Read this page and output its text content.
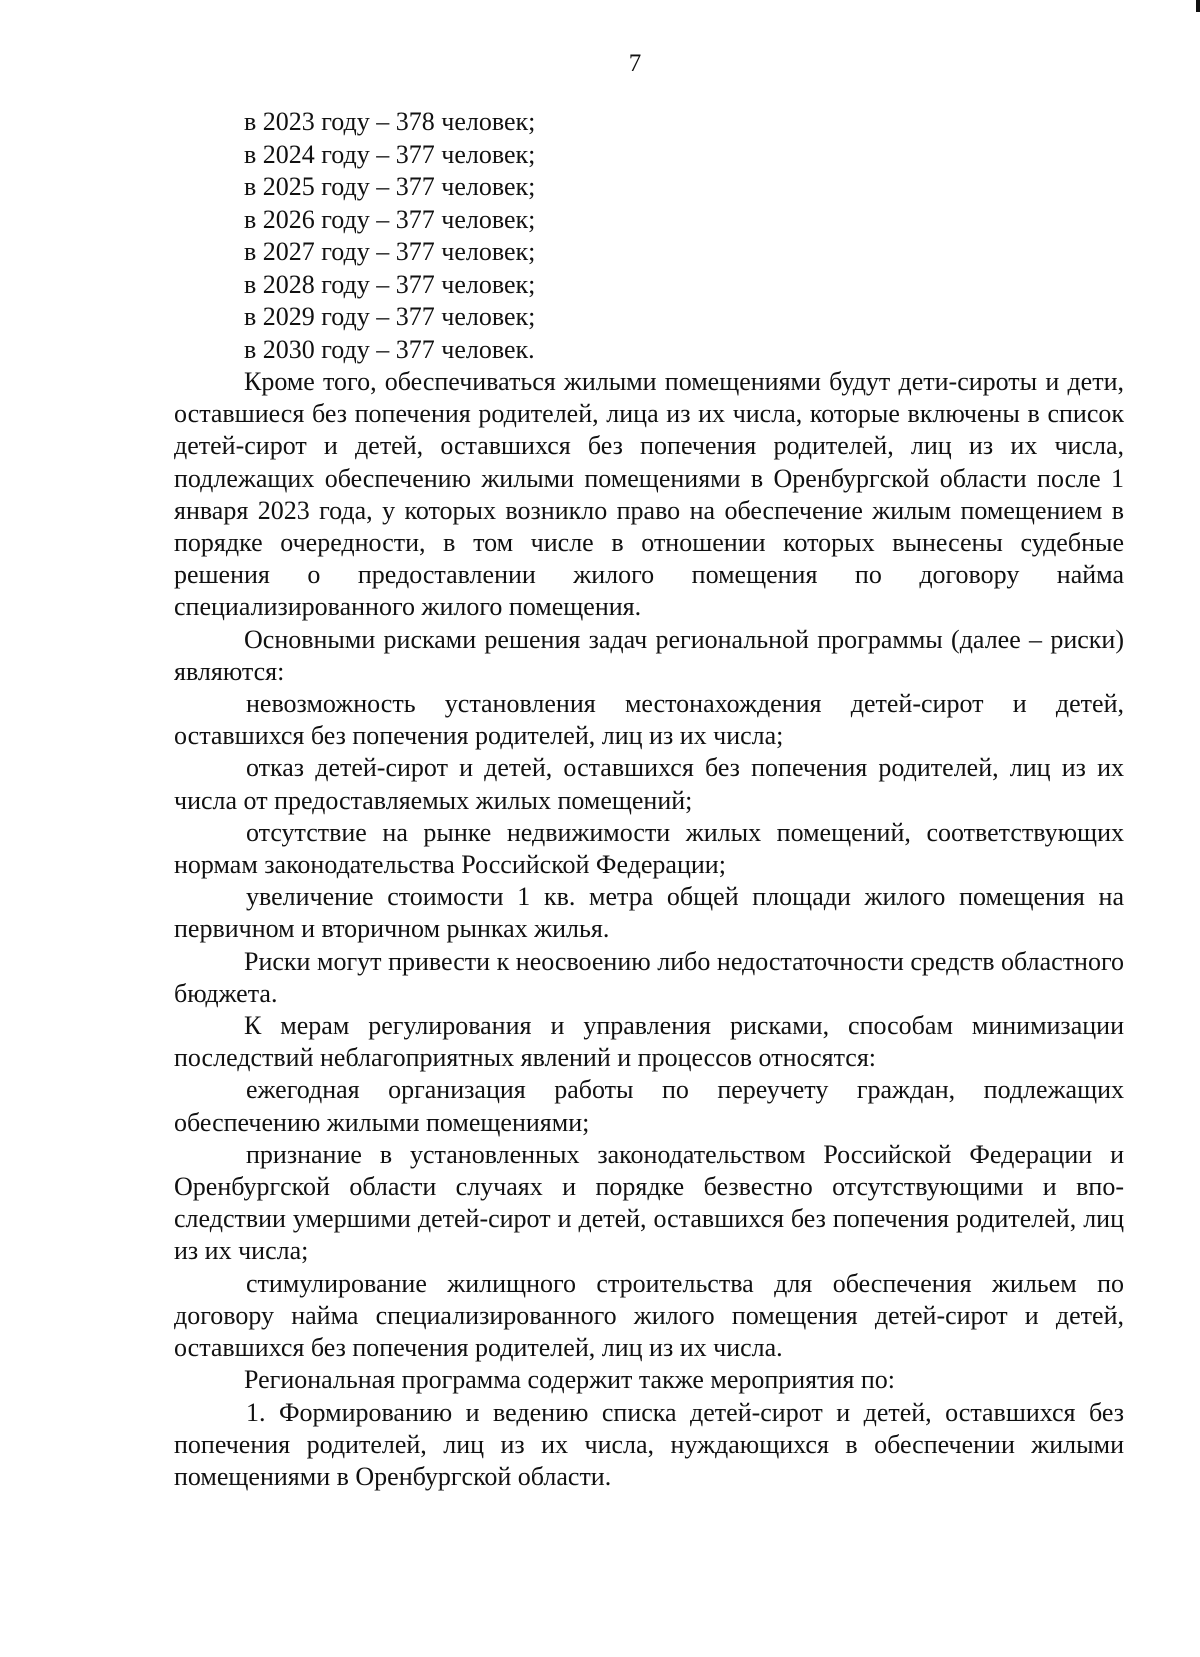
7
в 2023 году – 378 человек;
в 2024 году – 377 человек;
в 2025 году – 377 человек;
в 2026 году – 377 человек;
в 2027 году – 377 человек;
в 2028 году – 377 человек;
в 2029 году – 377 человек;
в 2030 году – 377 человек.

Кроме того, обеспечиваться жилыми помещениями будут дети-сироты и дети, оставшиеся без попечения родителей, лица из их числа, которые включены в список детей-сирот и детей, оставшихся без попечения родителей, лиц из их числа, подлежащих обеспечению жилыми помещениями в Оренбургской области после 1 января 2023 года, у которых возникло право на обеспечение жилым помещением в порядке очередности, в том числе в отношении которых вынесены судебные решения о предоставлении жилого помещения по договору найма специализированного жилого помещения.

Основными рисками решения задач региональной программы (далее – риски) являются:

невозможность установления местонахождения детей-сирот и детей, оставшихся без попечения родителей, лиц из их числа;

отказ детей-сирот и детей, оставшихся без попечения родителей, лиц из их числа от предоставляемых жилых помещений;

отсутствие на рынке недвижимости жилых помещений, соответствующих нормам законодательства Российской Федерации;

увеличение стоимости 1 кв. метра общей площади жилого помещения на первичном и вторичном рынках жилья.

Риски могут привести к неосвоению либо недостаточности средств областного бюджета.

К мерам регулирования и управления рисками, способам минимизации последствий неблагоприятных явлений и процессов относятся:

ежегодная организация работы по переучету граждан, подлежащих обеспечению жилыми помещениями;

признание в установленных законодательством Российской Федерации и Оренбургской области случаях и порядке безвестно отсутствующими и впоследствии умершими детей-сирот и детей, оставшихся без попечения родителей, лиц из их числа;

стимулирование жилищного строительства для обеспечения жильем по договору найма специализированного жилого помещения детей-сирот и детей, оставшихся без попечения родителей, лиц из их числа.

Региональная программа содержит также мероприятия по:

1. Формированию и ведению списка детей-сирот и детей, оставшихся без попечения родителей, лиц из их числа, нуждающихся в обеспечении жилыми помещениями в Оренбургской области.
